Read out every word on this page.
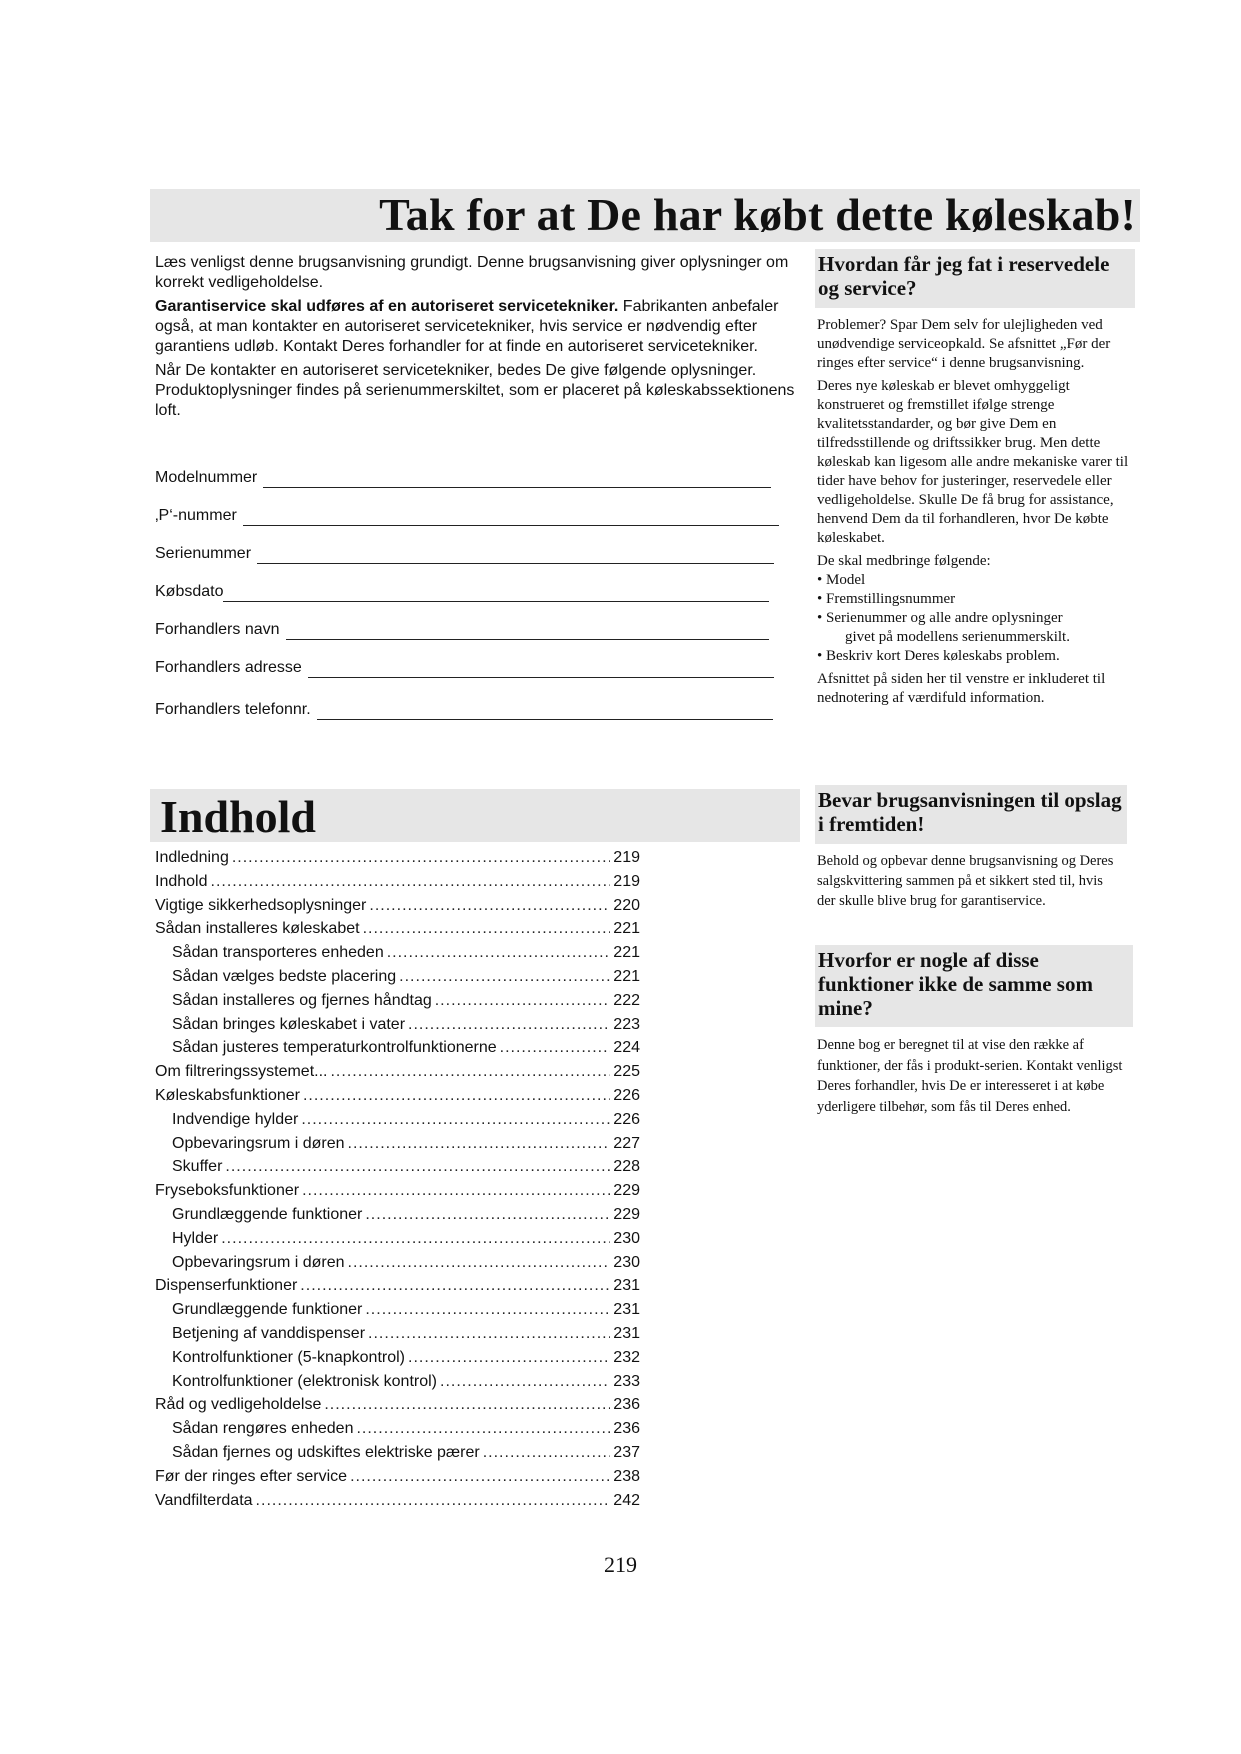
Tak for at De har købt dette køleskab!

Læs venligst denne brugsanvisning grundigt. Denne brugsanvisning giver oplysninger om korrekt vedligeholdelse.

Garantiservice skal udføres af en autoriseret servicetekniker. Fabrikanten anbefaler også, at man kontakter en autoriseret servicetekniker, hvis service er nødvendig efter garantiens udløb. Kontakt Deres forhandler for at finde en autoriseret servicetekniker.

Når De kontakter en autoriseret servicetekniker, bedes De give følgende oplysninger. Produktoplysninger findes på serienummerskiltet, som er placeret på køleskabssektionens loft.

Modelnummer
‚P‘-nummer
Serienummer
Købsdato
Forhandlers navn
Forhandlers adresse
Forhandlers telefonnr.
Indhold
Indledning .....	219
Indhold .....	219
Vigtige sikkerhedsoplysninger .....	220
Sådan installeres køleskabet .....	221
Sådan transporteres enheden .....	221
Sådan vælges bedste placering .....	221
Sådan installeres og fjernes håndtag .....	222
Sådan bringes køleskabet i vater .....	223
Sådan justeres temperaturkontrolfunktionerne .....	224
Om filtreringssystemet... .....	225
Køleskabsfunktioner .....	226
Indvendige hylder .....	226
Opbevaringsrum i døren .....	227
Skuffer .....	228
Fryseboksfunktioner .....	229
Grundlæggende funktioner .....	229
Hylder .....	230
Opbevaringsrum i døren .....	230
Dispenserfunktioner .....	231
Grundlæggende funktioner .....	231
Betjening af vanddispenser .....	231
Kontrolfunktioner (5-knapkontrol) .....	232
Kontrolfunktioner (elektronisk kontrol) .....	233
Råd og vedligeholdelse .....	236
Sådan rengøres enheden .....	236
Sådan fjernes og udskiftes elektriske pærer .....	237
Før der ringes efter service .....	238
Vandfilterdata .....	242
Hvordan får jeg fat i reservedele og service?

Problemer? Spar Dem selv for ulejligheden ved unødvendige serviceopkald. Se afsnittet „Før der ringes efter service“ i denne brugsanvisning.

Deres nye køleskab er blevet omhyggeligt konstrueret og fremstillet ifølge strenge kvalitetsstandarder, og bør give Dem en tilfredsstillende og driftssikker brug. Men dette køleskab kan ligesom alle andre mekaniske varer til tider have behov for justeringer, reservedele eller vedligeholdelse. Skulle De få brug for assistance, henvend Dem da til forhandleren, hvor De købte køleskabet.

De skal medbringe følgende:

• Model
• Fremstillingsnummer
• Serienummer og alle andre oplysninger
givet på modellens serienummerskilt.
• Beskriv kort Deres køleskabs problem.

Afsnittet på siden her til venstre er inkluderet til nednotering af værdifuld information.

Bevar brugsanvisningen til opslag i fremtiden!

Behold og opbevar denne brugsanvisning og Deres salgskvittering sammen på et sikkert sted til, hvis der skulle blive brug for garantiservice.

Hvorfor er nogle af disse funktioner ikke de samme som mine?

Denne bog er beregnet til at vise den række af funktioner, der fås i produkt-serien. Kontakt venligst Deres forhandler, hvis De er interesseret i at købe yderligere tilbehør, som fås til Deres enhed.

219
